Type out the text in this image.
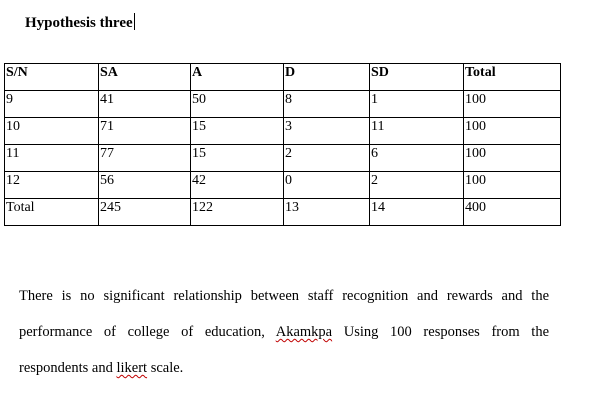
Hypothesis three
S/N	SA	A	D	SD	Total
9	41	50	8	1	100
10	71	15	3	11	100
11	77	15	2	6	100
12	56	42	0	2	100
Total	245	122	13	14	400

There is no significant relationship between staff recognition and rewards and the
performance of college of education, Akamkpa Using 100 responses from the
respondents and likert scale.
